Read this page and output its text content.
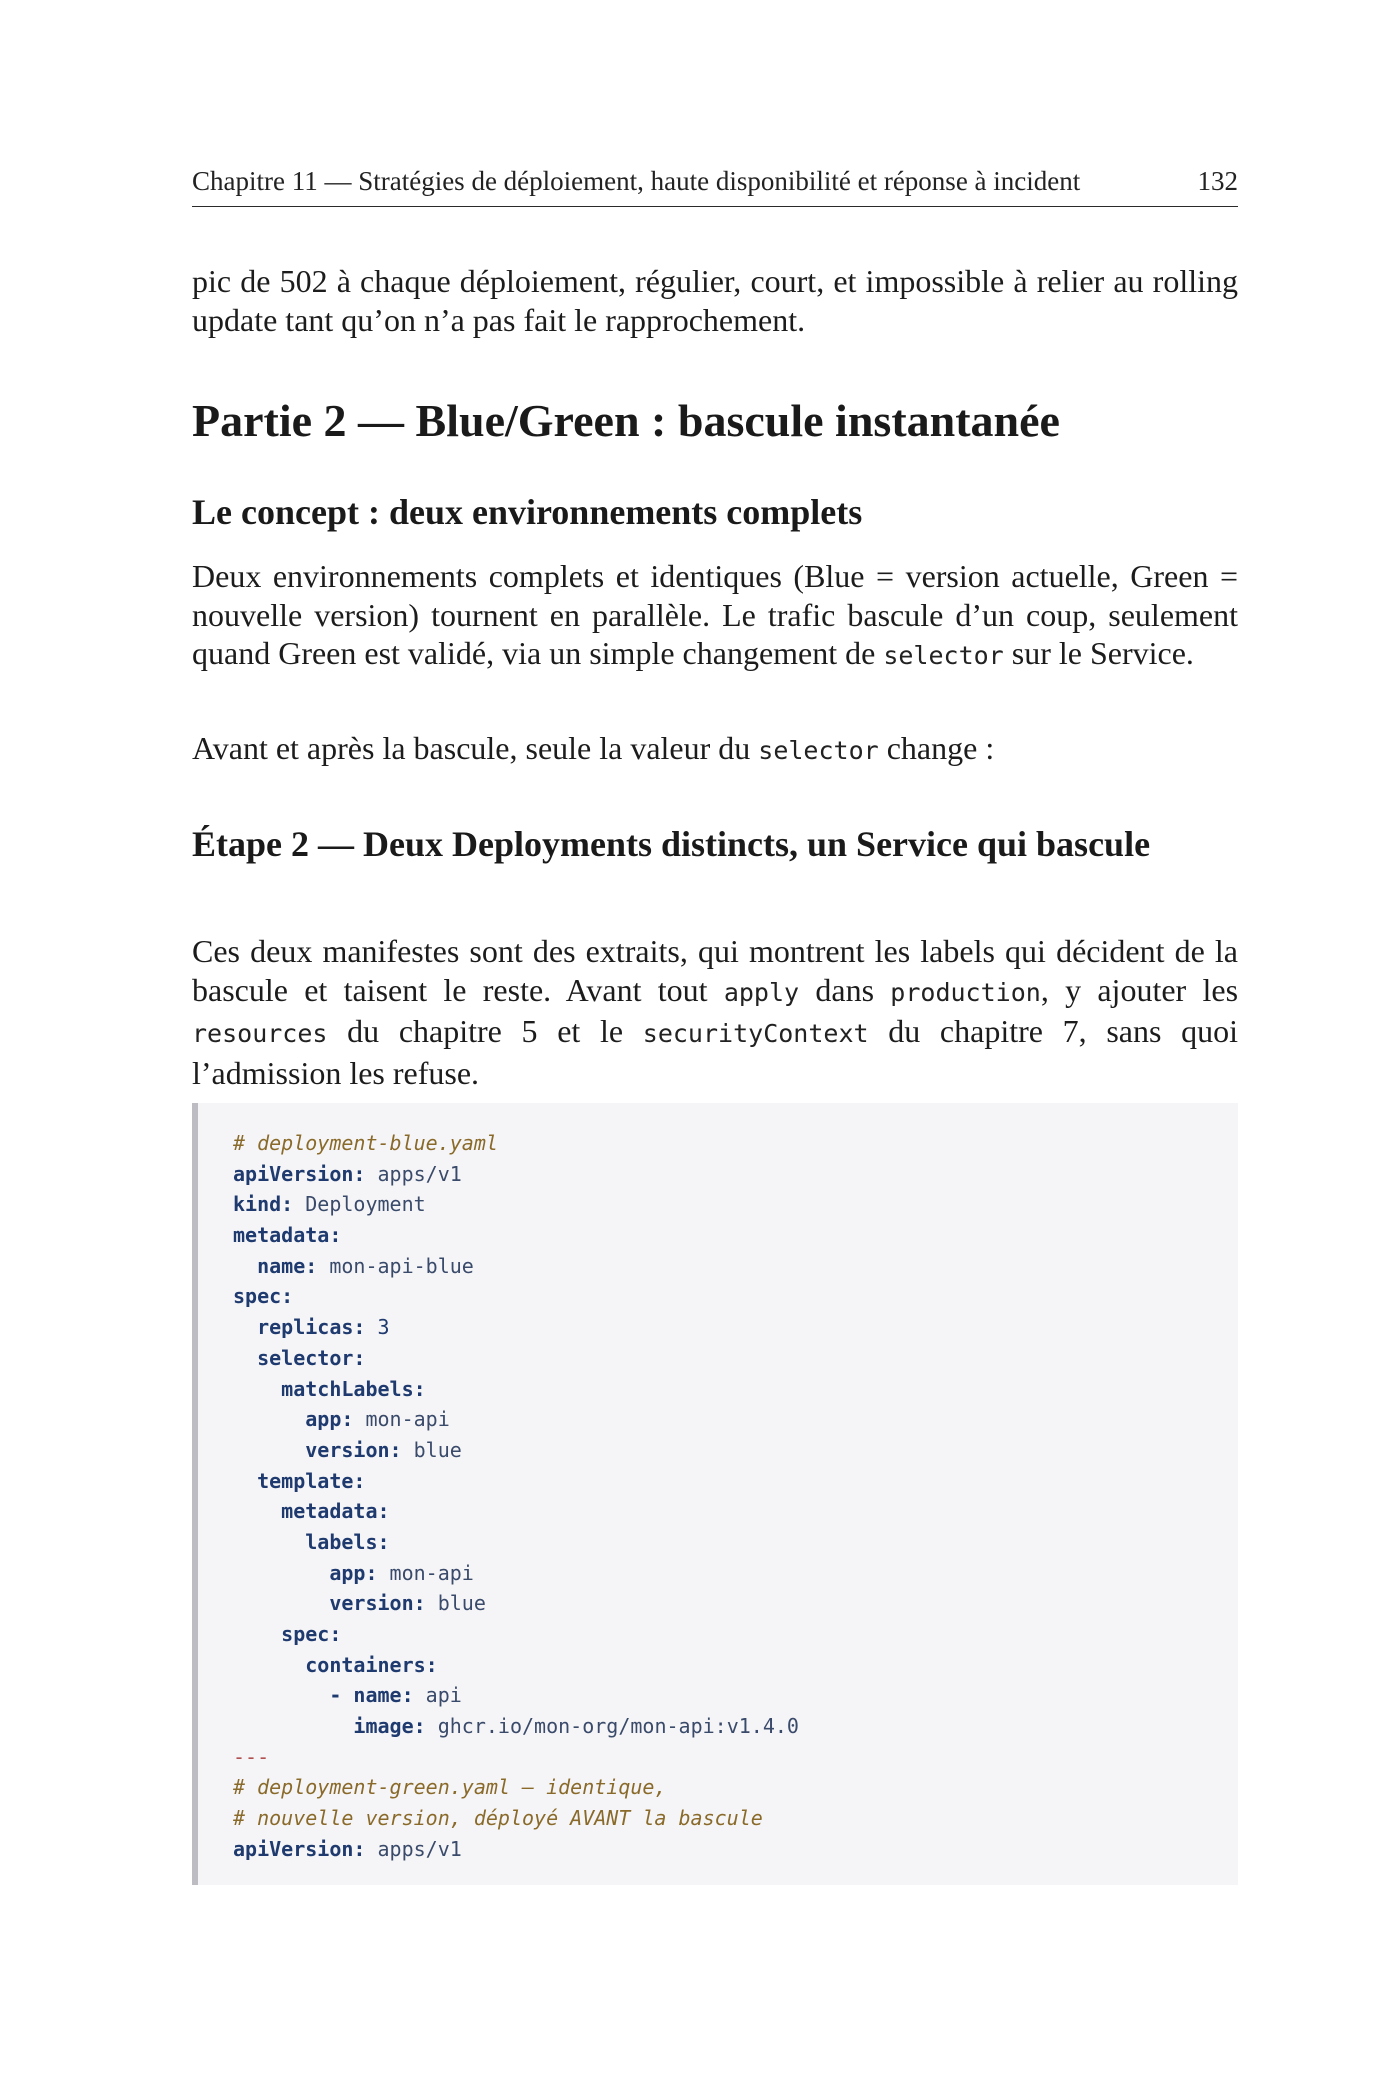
Chapitre 11 — Stratégies de déploiement, haute disponibilité et réponse à incident	132

pic de 502 à chaque déploiement, régulier, court, et impossible à relier au rolling update tant qu’on n’a pas fait le rapprochement.

Partie 2 — Blue/Green : bascule instantanée
Le concept : deux environnements complets

Deux environnements complets et identiques (Blue = version actuelle, Green = nouvelle version) tournent en parallèle. Le trafic bascule d’un coup, seulement quand Green est validé, via un simple changement de selector sur le Service.

Avant et après la bascule, seule la valeur du selector change :

Étape 2 — Deux Deployments distincts, un Service qui bascule

Ces deux manifestes sont des extraits, qui montrent les labels qui décident de la bascule et taisent le reste. Avant tout apply dans production, y ajouter les resources du chapitre 5 et le securityContext du chapitre 7, sans quoi l’admission les refuse.

# deployment-blue.yaml
apiVersion: apps/v1
kind: Deployment
metadata:
name: mon-api-blue
spec:
replicas: 3
selector:
matchLabels:
app: mon-api
version: blue
template:
metadata:
labels:
app: mon-api
version: blue
spec:
containers:
- name: api
image: ghcr.io/mon-org/mon-api:v1.4.0
---
# deployment-green.yaml — identique,
# nouvelle version, déployé AVANT la bascule
apiVersion: apps/v1
